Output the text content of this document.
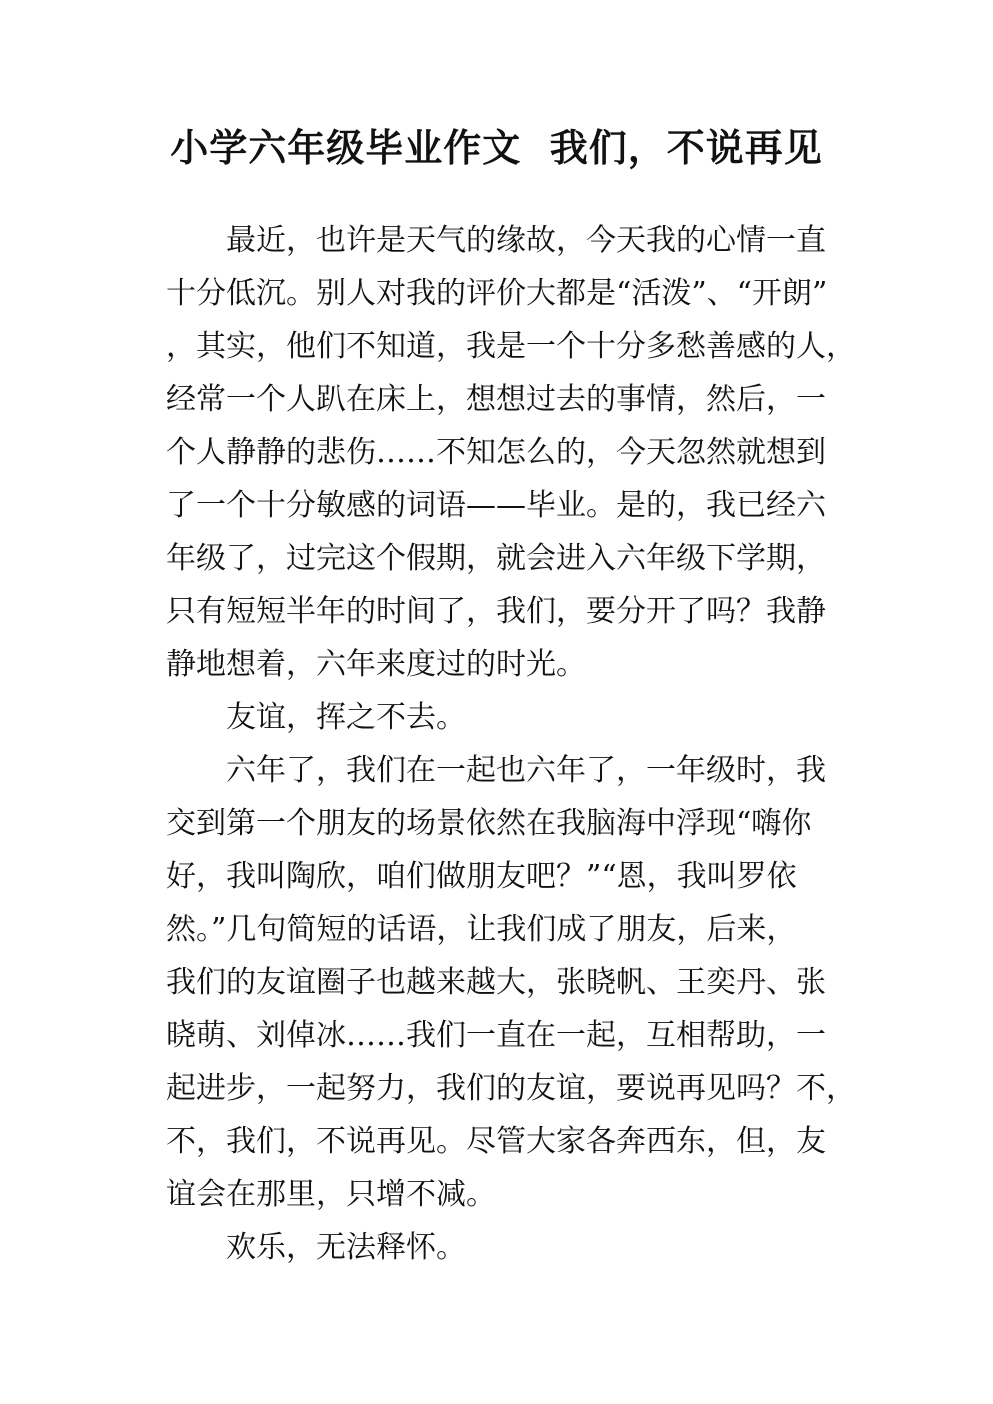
小学六年级毕业作文  我们，不说再见
最近，也许是天气的缘故，今天我的心情一直
十分低沉。别人对我的评价大都是“活泼”、“开朗”
，其实，他们不知道，我是一个十分多愁善感的人，
经常一个人趴在床上，想想过去的事情，然后，一
个人静静的悲伤……不知怎么的，今天忽然就想到
了一个十分敏感的词语——毕业。是的，我已经六
年级了，过完这个假期，就会进入六年级下学期，
只有短短半年的时间了，我们，要分开了吗？我静
静地想着，六年来度过的时光。
友谊，挥之不去。
六年了，我们在一起也六年了，一年级时，我
交到第一个朋友的场景依然在我脑海中浮现“嗨你
好，我叫陶欣，咱们做朋友吧？”“恩，我叫罗依
然。”几句简短的话语，让我们成了朋友，后来，
我们的友谊圈子也越来越大，张晓帆、王奕丹、张
晓萌、刘倬冰……我们一直在一起，互相帮助，一
起进步，一起努力，我们的友谊，要说再见吗？不，
不，我们，不说再见。尽管大家各奔西东，但，友
谊会在那里，只增不减。
欢乐，无法释怀。
